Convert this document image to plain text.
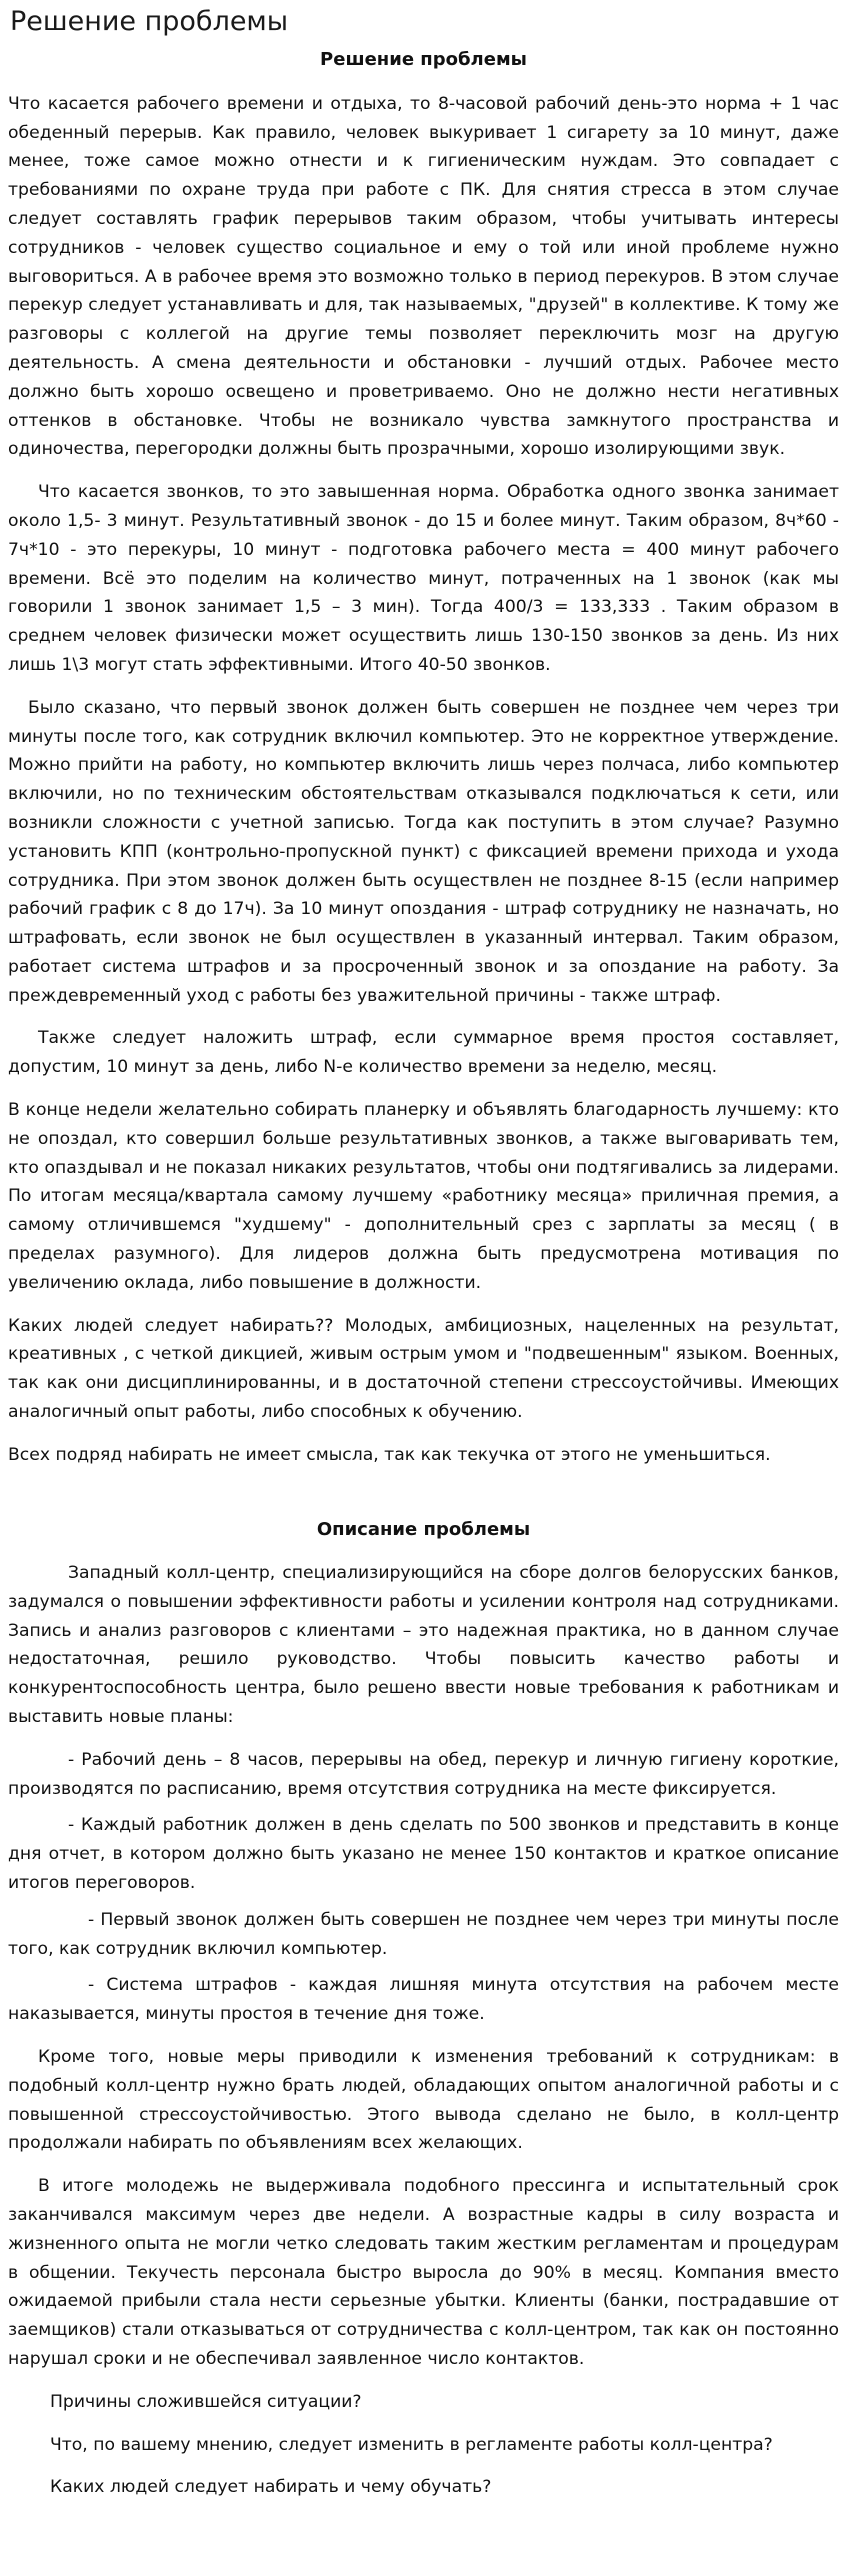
Решение проблемы
Решение проблемы

Что касается рабочего времени и отдыха, то 8-часовой рабочий день-это норма + 1 час обеденный перерыв. Как правило, человек выкуривает 1 сигарету за 10 минут, даже менее, тоже самое можно отнести и к гигиеническим нуждам. Это совпадает с требованиями по охране труда при работе с ПК. Для снятия стресса в этом случае следует составлять график перерывов таким образом, чтобы учитывать интересы сотрудников - человек существо социальное и ему о той или иной проблеме нужно выговориться. А в рабочее время это возможно только в период перекуров. В этом случае перекур следует устанавливать и для, так называемых, "друзей" в коллективе. К тому же разговоры с коллегой на другие темы позволяет переключить мозг на другую деятельность. А смена деятельности и обстановки - лучший отдых. Рабочее место должно быть хорошо освещено и проветриваемо. Оно не должно нести негативных оттенков в обстановке. Чтобы не возникало чувства замкнутого пространства и одиночества, перегородки должны быть прозрачными, хорошо изолирующими звук.

Что касается звонков, то это завышенная норма. Обработка одного звонка занимает около 1,5- 3 минут. Результативный звонок - до 15 и более минут. Таким образом, 8ч*60 - 7ч*10 - это перекуры, 10 минут - подготовка рабочего места = 400 минут рабочего времени. Всё это поделим на количество минут, потраченных на 1 звонок (как мы говорили 1 звонок занимает 1,5 – 3 мин). Тогда 400/3 = 133,333 . Таким образом в среднем человек физически может осуществить лишь 130-150 звонков за день. Из них лишь 1\3 могут стать эффективными. Итого 40-50 звонков.

Было сказано, что первый звонок должен быть совершен не позднее чем через три минуты после того, как сотрудник включил компьютер. Это не корректное утверждение. Можно прийти на работу, но компьютер включить лишь через полчаса, либо компьютер включили, но по техническим обстоятельствам отказывался подключаться к сети, или возникли сложности с учетной записью. Тогда как поступить в этом случае? Разумно установить КПП (контрольно-пропускной пункт) с фиксацией времени прихода и ухода сотрудника. При этом звонок должен быть осуществлен не позднее 8-15 (если например рабочий график с 8 до 17ч). За 10 минут опоздания - штраф сотруднику не назначать, но штрафовать, если звонок не был осуществлен в указанный интервал. Таким образом, работает система штрафов и за просроченный звонок и за опоздание на работу. За преждевременный уход с работы без уважительной причины - также штраф.

Также следует наложить штраф, если суммарное время простоя составляет, допустим, 10 минут за день, либо N-е количество времени за неделю, месяц.

В конце недели желательно собирать планерку и объявлять благодарность лучшему: кто не опоздал, кто совершил больше результативных звонков, а также выговаривать тем, кто опаздывал и не показал никаких результатов, чтобы они подтягивались за лидерами. По итогам месяца/квартала самому лучшему «работнику месяца» приличная премия, а самому отличившемся "худшему" - дополнительный срез с зарплаты за месяц ( в пределах разумного). Для лидеров должна быть предусмотрена мотивация по увеличению оклада, либо повышение в должности.

Каких людей следует набирать?? Молодых, амбициозных, нацеленных на результат, креативных , с четкой дикцией, живым острым умом и "подвешенным" языком. Военных, так как они дисциплинированны, и в достаточной степени стрессоустойчивы. Имеющих аналогичный опыт работы, либо способных к обучению.

Всех подряд набирать не имеет смысла, так как текучка от этого не уменьшиться.

Описание проблемы

Западный колл-центр, специализирующийся на сборе долгов белорусских банков, задумался о повышении эффективности работы и усилении контроля над сотрудниками. Запись и анализ разговоров с клиентами – это надежная практика, но в данном случае недостаточная, решило руководство. Чтобы повысить качество работы и конкурентоспособность центра, было решено ввести новые требования к работникам и выставить новые планы:

- Рабочий день – 8 часов, перерывы на обед, перекур и личную гигиену короткие, производятся по расписанию, время отсутствия сотрудника на месте фиксируется.

- Каждый работник должен в день сделать по 500 звонков и представить в конце дня отчет, в котором должно быть указано не менее 150 контактов и краткое описание итогов переговоров.

- Первый звонок должен быть совершен не позднее чем через три минуты после того, как сотрудник включил компьютер.

- Система штрафов - каждая лишняя минута отсутствия на рабочем месте наказывается, минуты простоя в течение дня тоже.

Кроме того, новые меры приводили к изменения требований к сотрудникам: в подобный колл-центр нужно брать людей, обладающих опытом аналогичной работы и с повышенной стрессоустойчивостью. Этого вывода сделано не было, в колл-центр продолжали набирать по объявлениям всех желающих.

В итоге молодежь не выдерживала подобного прессинга и испытательный срок заканчивался максимум через две недели. А возрастные кадры в силу возраста и жизненного опыта не могли четко следовать таким жестким регламентам и процедурам в общении. Текучесть персонала быстро выросла до 90% в месяц. Компания вместо ожидаемой прибыли стала нести серьезные убытки. Клиенты (банки, пострадавшие от заемщиков) стали отказываться от сотрудничества с колл-центром, так как он постоянно нарушал сроки и не обеспечивал заявленное число контактов.

Причины сложившейся ситуации?
Что, по вашему мнению, следует изменить в регламенте работы колл-центра?
Каких людей следует набирать и чему обучать?
